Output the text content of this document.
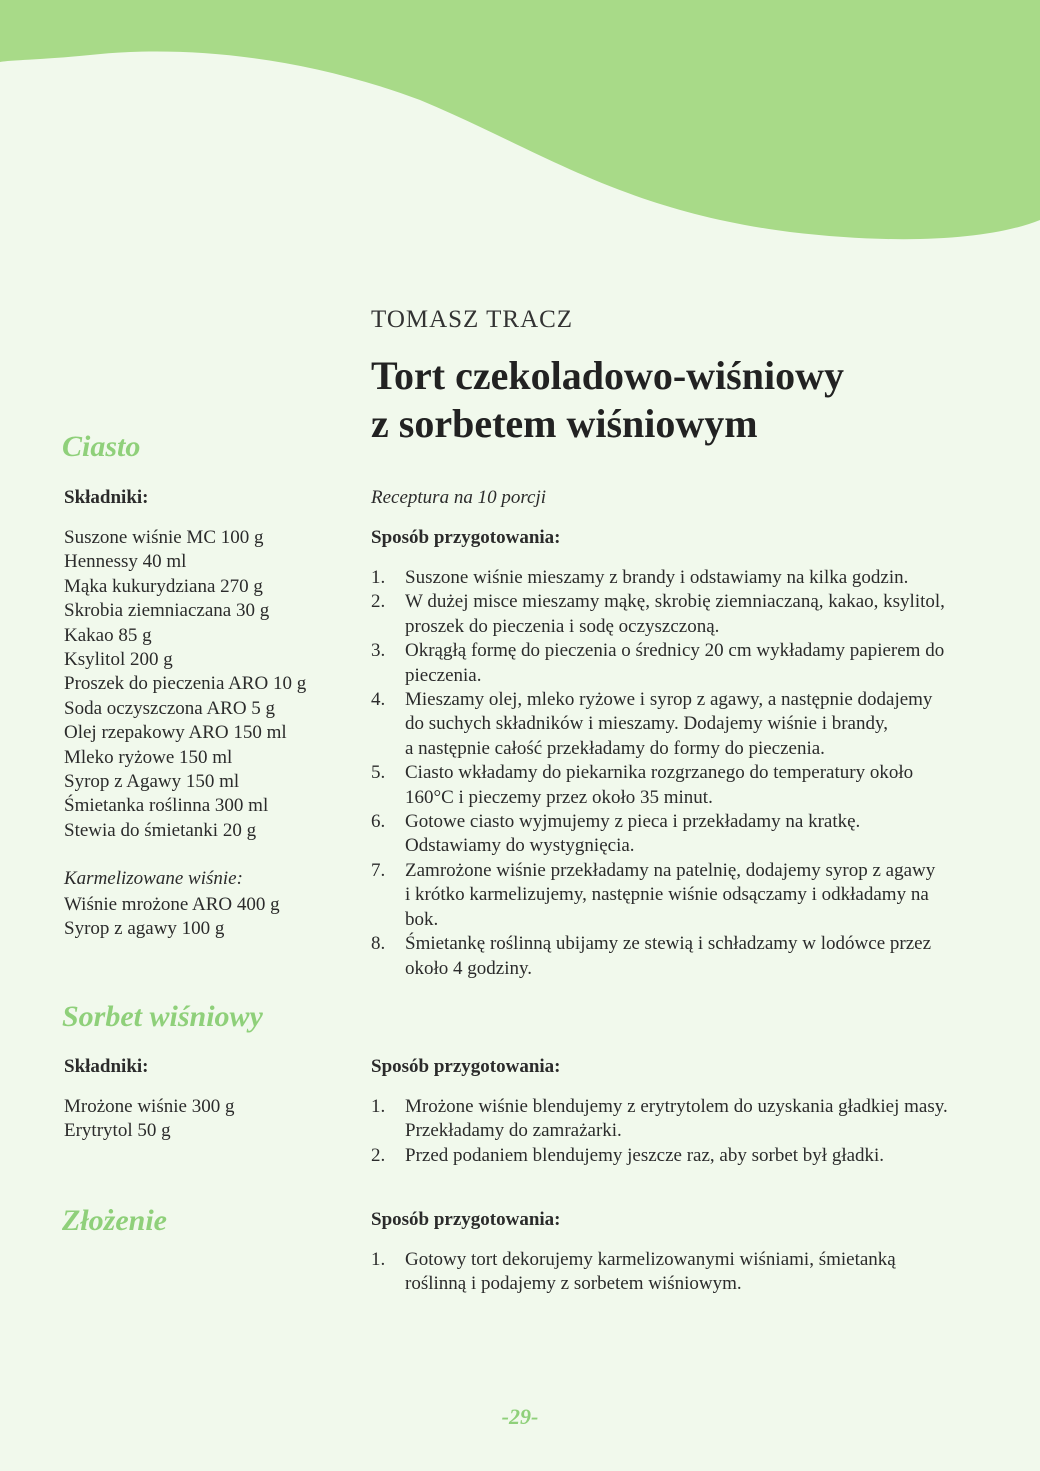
TOMASZ TRACZ
Tort czekoladowo-wiśniowy
z sorbetem wiśniowym
Ciasto
Składniki:
Suszone wiśnie MC 100 g
Hennessy 40 ml
Mąka kukurydziana 270 g
Skrobia ziemniaczana 30 g
Kakao 85 g
Ksylitol 200 g
Proszek do pieczenia ARO 10 g
Soda oczyszczona ARO 5 g
Olej rzepakowy ARO 150 ml
Mleko ryżowe 150 ml
Syrop z Agawy 150 ml
Śmietanka roślinna 300 ml
Stewia do śmietanki 20 g
Karmelizowane wiśnie:
Wiśnie mrożone ARO 400 g
Syrop z agawy 100 g
Receptura na 10 porcji
Sposób przygotowania:
1. Suszone wiśnie mieszamy z brandy i odstawiamy na kilka godzin.
2. W dużej misce mieszamy mąkę, skrobię ziemniaczaną, kakao, ksylitol,
proszek do pieczenia i sodę oczyszczoną.
3. Okrągłą formę do pieczenia o średnicy 20 cm wykładamy papierem do
pieczenia.
4. Mieszamy olej, mleko ryżowe i syrop z agawy, a następnie dodajemy
do suchych składników i mieszamy. Dodajemy wiśnie i brandy,
a następnie całość przekładamy do formy do pieczenia.
5. Ciasto wkładamy do piekarnika rozgrzanego do temperatury około
160°C i pieczemy przez około 35 minut.
6. Gotowe ciasto wyjmujemy z pieca i przekładamy na kratkę.
Odstawiamy do wystygnięcia.
7. Zamrożone wiśnie przekładamy na patelnię, dodajemy syrop z agawy
i krótko karmelizujemy, następnie wiśnie odsączamy i odkładamy na
bok.
8. Śmietankę roślinną ubijamy ze stewią i schładzamy w lodówce przez
około 4 godziny.
Sorbet wiśniowy
Składniki:
Mrożone wiśnie 300 g
Erytrytol 50 g
Sposób przygotowania:
1. Mrożone wiśnie blendujemy z erytrytolem do uzyskania gładkiej masy.
Przekładamy do zamrażarki.
2. Przed podaniem blendujemy jeszcze raz, aby sorbet był gładki.
Złożenie	Sposób przygotowania:
1. Gotowy tort dekorujemy karmelizowanymi wiśniami, śmietanką
roślinną i podajemy z sorbetem wiśniowym.
-29-
